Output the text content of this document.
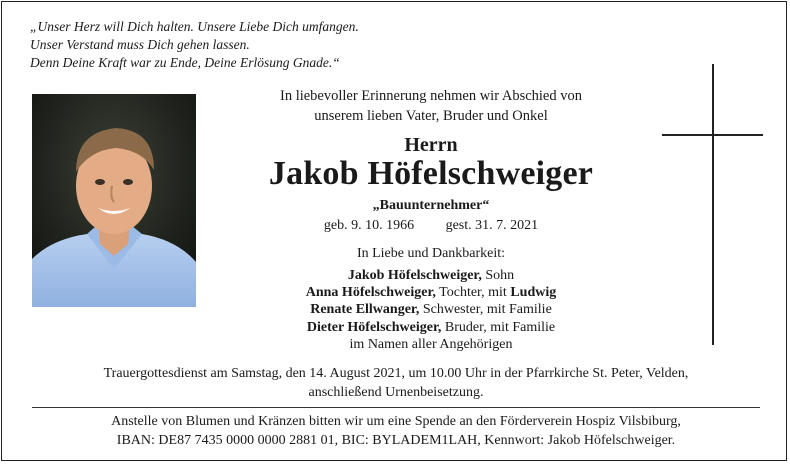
„Unser Herz will Dich halten. Unsere Liebe Dich umfangen.
Unser Verstand muss Dich gehen lassen.
Denn Deine Kraft war zu Ende, Deine Erlösung Gnade.“
In liebevoller Erinnerung nehmen wir Abschied von
unserem lieben Vater, Bruder und Onkel
Herrn
Jakob Höfelschweiger
„Bauunternehmer“
geb. 9. 10. 1966 gest. 31. 7. 2021
In Liebe und Dankbarkeit:
Jakob Höfelschweiger, Sohn
Anna Höfelschweiger, Tochter, mit Ludwig
Renate Ellwanger, Schwester, mit Familie
Dieter Höfelschweiger, Bruder, mit Familie
im Namen aller Angehörigen
Trauergottesdienst am Samstag, den 14. August 2021, um 10.00 Uhr in der Pfarrkirche St. Peter, Velden,
anschließend Urnenbeisetzung.
Anstelle von Blumen und Kränzen bitten wir um eine Spende an den Förderverein Hospiz Vilsbiburg,
IBAN: DE87 7435 0000 0000 2881 01, BIC: BYLADEM1LAH, Kennwort: Jakob Höfelschweiger.
